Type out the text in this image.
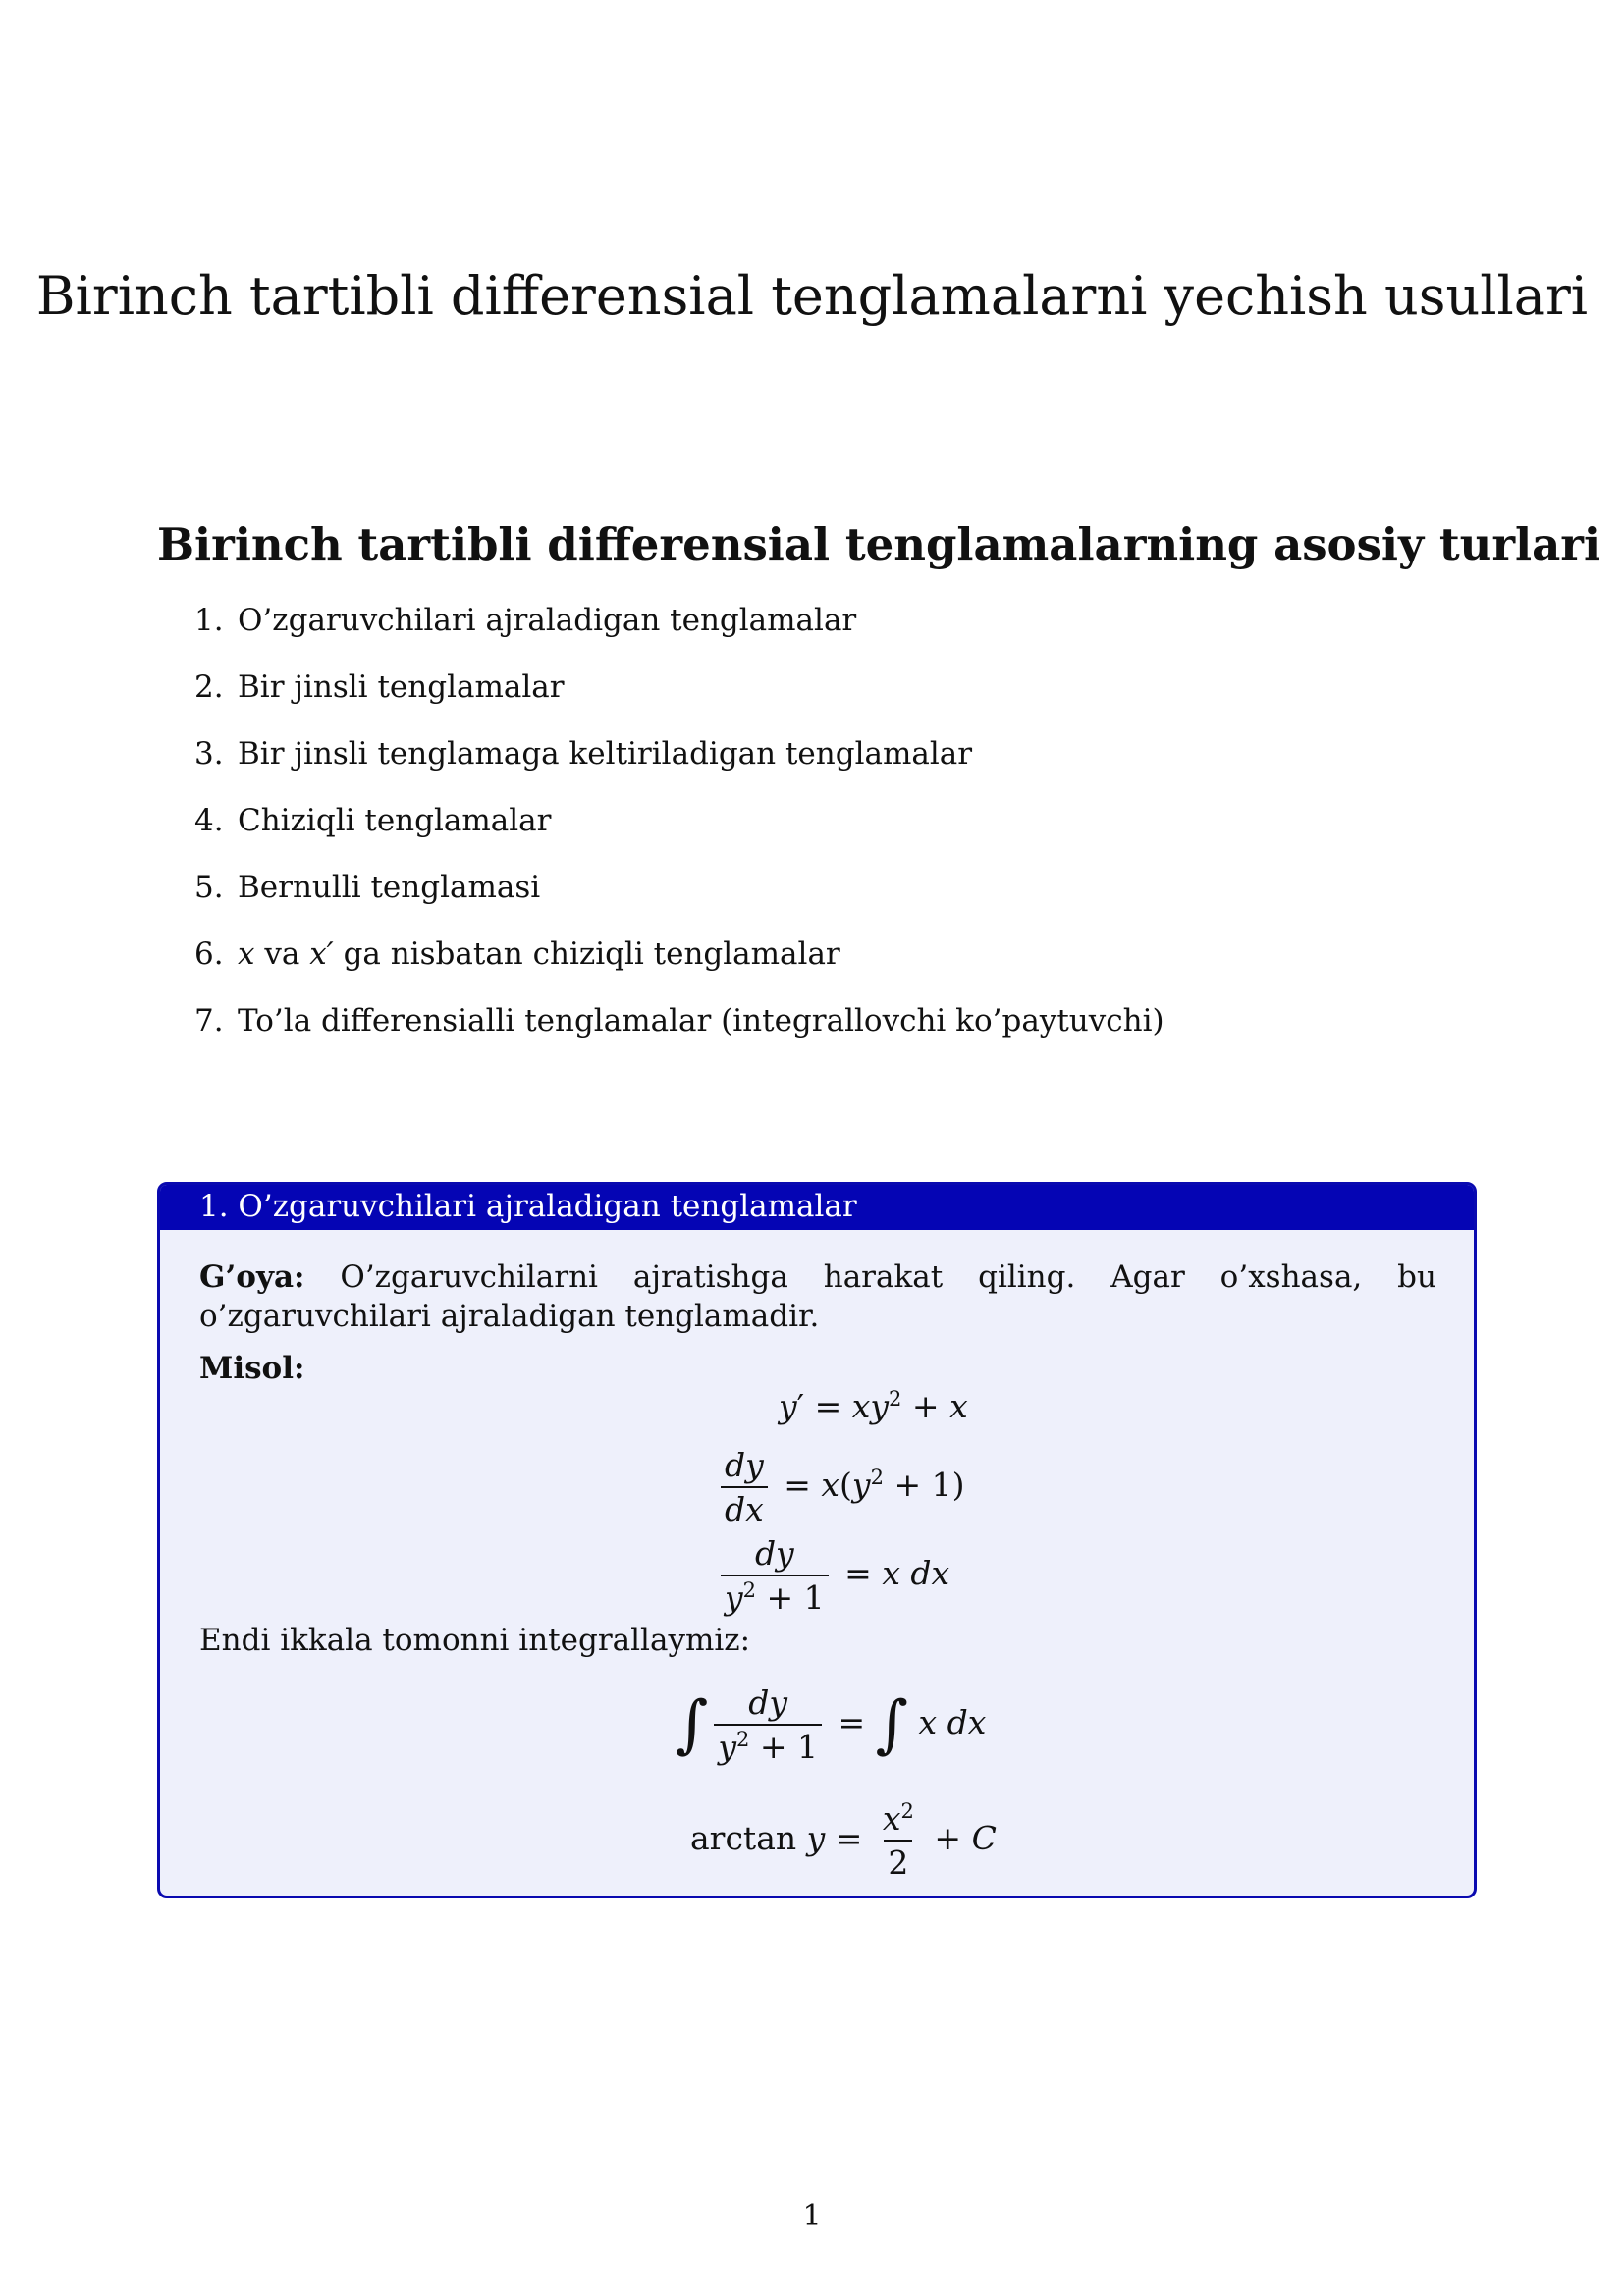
Birinch tartibli differensial tenglamalarni yechish usullari
Birinch tartibli differensial tenglamalarning asosiy turlari
1. O’zgaruvchilari ajraladigan tenglamalar
2. Bir jinsli tenglamalar
3. Bir jinsli tenglamaga keltiriladigan tenglamalar
4. Chiziqli tenglamalar
5. Bernulli tenglamasi
6. x va x′ ga nisbatan chiziqli tenglamalar
7. To’la differensialli tenglamalar (integrallovchi ko’paytuvchi)
1. O’zgaruvchilari ajraladigan tenglamalar

G’oya: O’zgaruvchilarni ajratishga harakat qiling. Agar o’xshasa, bu o’zgaruvchilari ajraladigan tenglamadir.

Misol:

$y' = xy^2 + x$
$\frac{dy}{dx} = x(y^2 + 1)$
$\frac{dy}{y^2 + 1} = x$ dx

Endi ikkala tomonni integrallaymiz:

∫ $\frac{dy}{y^2 + 1}$ = ∫ x dx
$\arctan y = \frac{x^2}{2} + C$
1
